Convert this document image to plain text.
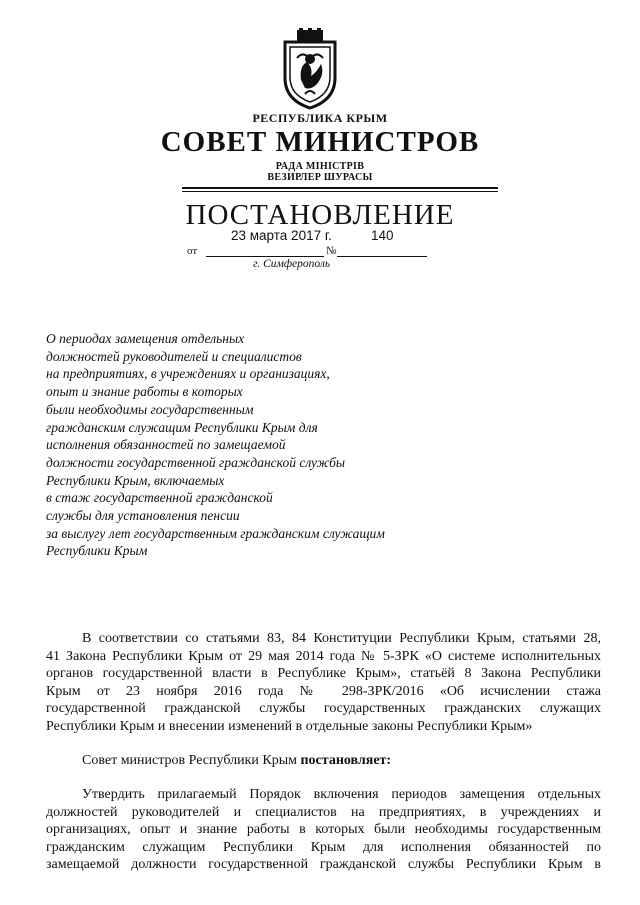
РЕСПУБЛИКА КРЫМ
СОВЕТ МИНИСТРОВ
РАДА МІНІСТРІВ
ВЕЗИРЛЕР ШУРАСЫ
ПОСТАНОВЛЕНИЕ
23 марта 2017 г.	140
от	№
г. Симферополь
О периодах замещения отдельных
должностей руководителей и специалистов
на предприятиях, в учреждениях и организациях,
опыт и знание работы в которых
были необходимы государственным
гражданским служащим Республики Крым для
исполнения обязанностей по замещаемой
должности государственной гражданской службы
Республики Крым, включаемых
в стаж государственной гражданской
службы для установления пенсии
за выслугу лет государственным гражданским служащим
Республики Крым
В соответствии со статьями 83, 84 Конституции Республики Крым, статьями 28,
41 Закона Республики Крым от 29 мая 2014 года № 5-ЗРК «О системе исполнительных
органов государственной власти в Республике Крым», статьёй 8 Закона Республики
Крым от 23 ноября 2016 года № 298-ЗРК/2016 «Об исчислении стажа
государственной гражданской службы государственных гражданских служащих
Республики Крым и внесении изменений в отдельные законы Республики Крым»
Совет министров Республики Крым постановляет:
Утвердить прилагаемый Порядок включения периодов замещения отдельных
должностей руководителей и специалистов на предприятиях, в учреждениях и
организациях, опыт и знание работы в которых были необходимы государственным
гражданским служащим Республики Крым для исполнения обязанностей по
замещаемой должности государственной гражданской службы Республики Крым в
